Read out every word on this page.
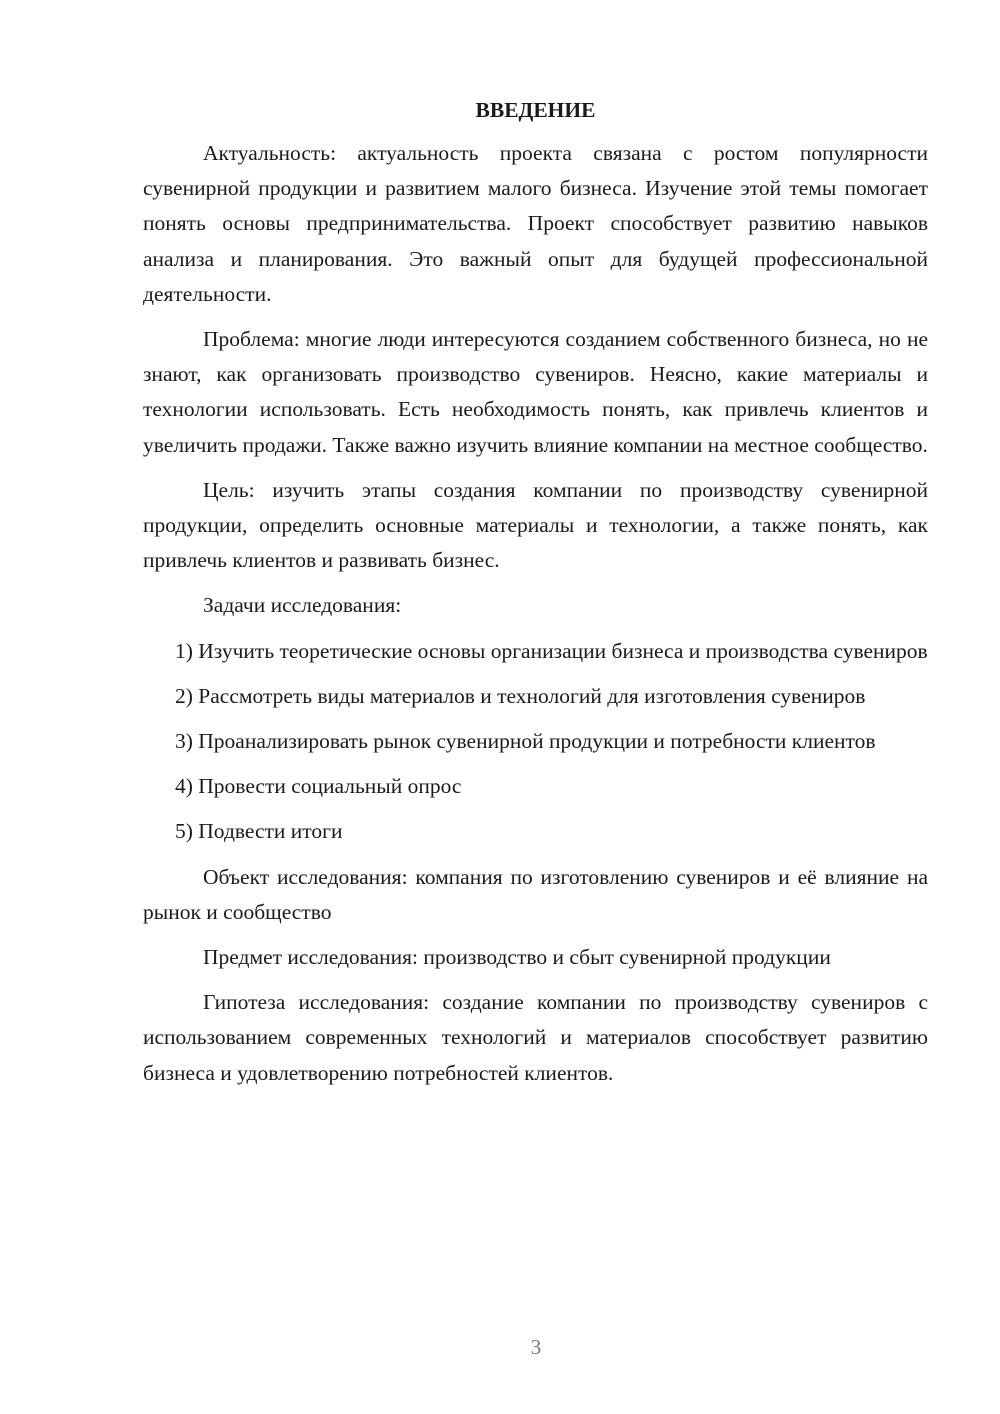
ВВЕДЕНИЕ

Актуальность: актуальность проекта связана с ростом популярности сувенирной продукции и развитием малого бизнеса. Изучение этой темы помогает понять основы предпринимательства. Проект способствует развитию навыков анализа и планирования. Это важный опыт для будущей профессиональной деятельности.

Проблема: многие люди интересуются созданием собственного бизнеса, но не знают, как организовать производство сувениров. Неясно, какие материалы и технологии использовать. Есть необходимость понять, как привлечь клиентов и увеличить продажи. Также важно изучить влияние компании на местное сообщество.

Цель: изучить этапы создания компании по производству сувенирной продукции, определить основные материалы и технологии, а также понять, как привлечь клиентов и развивать бизнес.

Задачи исследования:

1) Изучить теоретические основы организации бизнеса и производства сувениров

2) Рассмотреть виды материалов и технологий для изготовления сувениров

3) Проанализировать рынок сувенирной продукции и потребности клиентов

4) Провести социальный опрос

5) Подвести итоги

Объект исследования: компания по изготовлению сувениров и её влияние на рынок и сообщество

Предмет исследования: производство и сбыт сувенирной продукции

Гипотеза исследования: создание компании по производству сувениров с использованием современных технологий и материалов способствует развитию бизнеса и удовлетворению потребностей клиентов.

3
